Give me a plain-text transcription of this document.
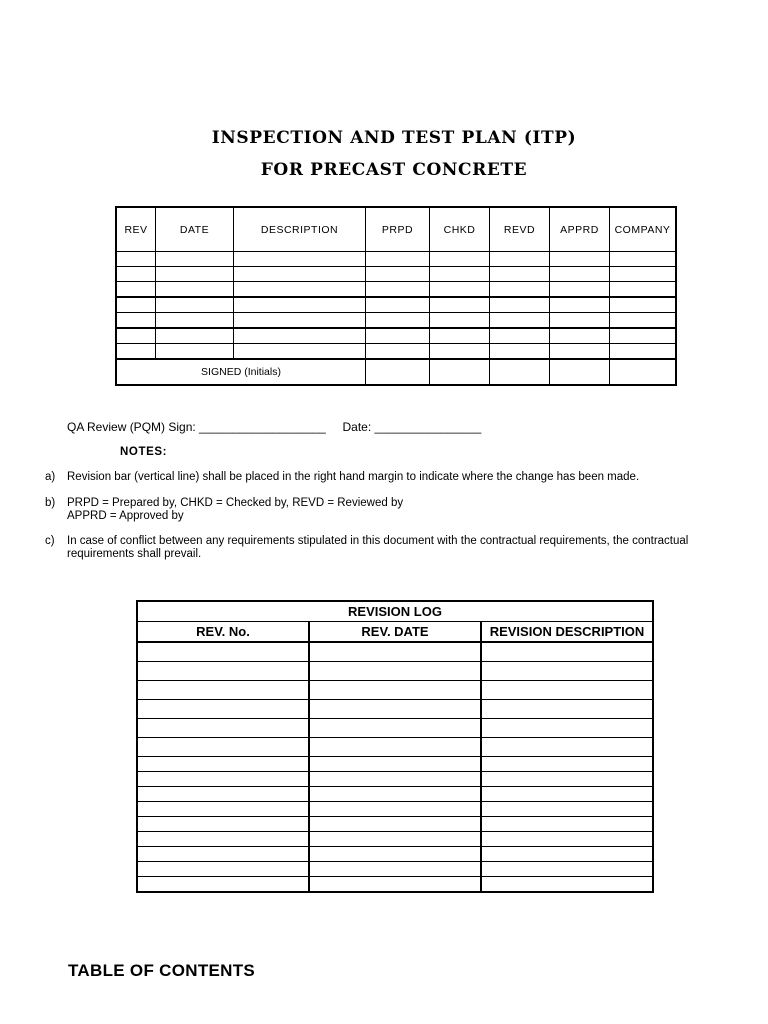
INSPECTION AND TEST PLAN (ITP)
FOR PRECAST CONCRETE
REV	DATE	DESCRIPTION	PRPD	CHKD	REVD	APPRD	COMPANY

SIGNED (Initials)							

QA Review (PQM) Sign: ___________________     Date: ________________

NOTES:

a) Revision bar (vertical line) shall be placed in the right hand margin to indicate where the change has been made.
b) PRPD = Prepared by, CHKD = Checked by, REVD = Reviewed by
APPRD = Approved by
c) In case of conflict between any requirements stipulated in this document with the contractual requirements, the contractual requirements shall prevail.
REVISION LOG		
REV. No.	REV. DATE	REVISION DESCRIPTION

TABLE OF CONTENTS
